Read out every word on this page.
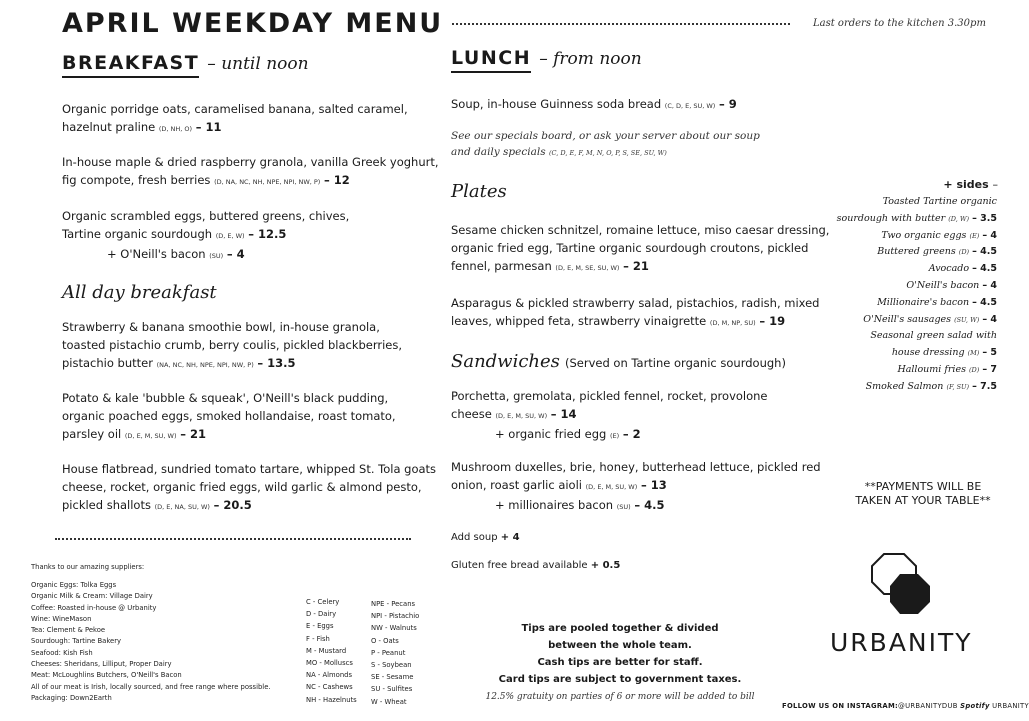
APRIL WEEKDAY MENU	Last orders to the kitchen 3.30pm
BREAKFAST – until noon
Organic porridge oats, caramelised banana, salted caramel,
hazelnut praline (D, NH, O) – 11
In-house maple & dried raspberry granola, vanilla Greek yoghurt,
fig compote, fresh berries (D, NA, NC, NH, NPE, NPI, NW, P) – 12
Organic scrambled eggs, buttered greens, chives,
Tartine organic sourdough (D, E, W) – 12.5
+ O'Neill's bacon (SU) – 4
All day breakfast
Strawberry & banana smoothie bowl, in-house granola,
toasted pistachio crumb, berry coulis, pickled blackberries,
pistachio butter (NA, NC, NH, NPE, NPI, NW, P) – 13.5
Potato & kale 'bubble & squeak', O'Neill's black pudding,
organic poached eggs, smoked hollandaise, roast tomato,
parsley oil (D, E, M, SU, W) – 21
House flatbread, sundried tomato tartare, whipped St. Tola goats
cheese, rocket, organic fried eggs, wild garlic & almond pesto,
pickled shallots (D, E, NA, SU, W) – 20.5
Thanks to our amazing suppliers:
Organic Eggs: Tolka Eggs
Organic Milk & Cream: Village Dairy
Coffee: Roasted in-house @ Urbanity
Wine: WineMason
Tea: Clement & Pekoe
Sourdough: Tartine Bakery
Seafood: Kish Fish
Cheeses: Sheridans, Lilliput, Proper Dairy
Meat: McLoughlins Butchers, O'Neill's Bacon
All of our meat is Irish, locally sourced, and free range where possible.
Packaging: Down2Earth
C - Celery
D - Dairy
E - Eggs
F - Fish
M - Mustard
MO - Molluscs
NA - Almonds
NC - Cashews
NH - Hazelnuts
NPE - Pecans
NPI - Pistachio
NW - Walnuts
O - Oats
P - Peanut
S - Soybean
SE - Sesame
SU - Sulfites
W - Wheat
LUNCH – from noon
Soup, in-house Guinness soda bread (C, D, E, SU, W) – 9
See our specials board, or ask your server about our soup
and daily specials (C, D, E, F, M, N, O, P, S, SE, SU, W)
Plates
Sesame chicken schnitzel, romaine lettuce, miso caesar dressing,
organic fried egg, Tartine organic sourdough croutons, pickled
fennel, parmesan (D, E, M, SE, SU, W) – 21
Asparagus & pickled strawberry salad, pistachios, radish, mixed
leaves, whipped feta, strawberry vinaigrette (D, M, NP, SU) – 19
Sandwiches (Served on Tartine organic sourdough)
Porchetta, gremolata, pickled fennel, rocket, provolone
cheese (D, E, M, SU, W) – 14
+ organic fried egg (E) – 2
Mushroom duxelles, brie, honey, butterhead lettuce, pickled red
onion, roast garlic aioli (D, E, M, SU, W) – 13
+ millionaires bacon (SU) – 4.5
Add soup + 4
Gluten free bread available + 0.5
Tips are pooled together & divided
between the whole team.
Cash tips are better for staff.
Card tips are subject to government taxes.
12.5% gratuity on parties of 6 or more will be added to bill
+ sides –
Toasted Tartine organic
sourdough with butter (D, W) – 3.5
Two organic eggs (E) – 4
Buttered greens (D) – 4.5
Avocado – 4.5
O'Neill's bacon – 4
Millionaire's bacon – 4.5
O'Neill's sausages (SU, W) – 4
Seasonal green salad with
house dressing (M) – 5
Halloumi fries (D) – 7
Smoked Salmon (F, SU) – 7.5
**PAYMENTS WILL BE
TAKEN AT YOUR TABLE**
URBANITY
FOLLOW US ON INSTAGRAM:@URBANITYDUB Spotify URBANITY
